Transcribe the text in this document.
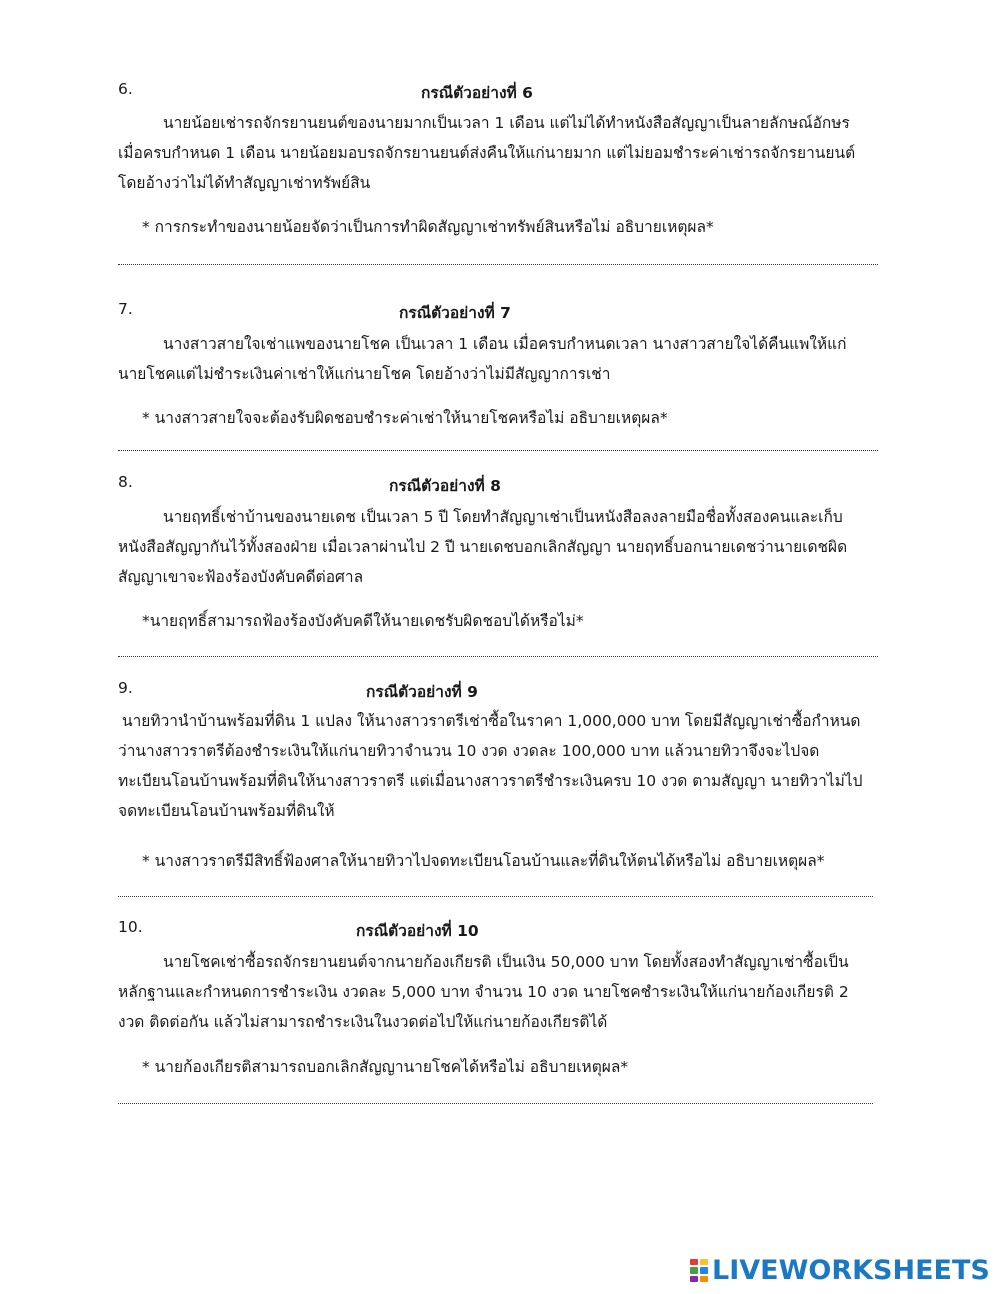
6.	กรณีตัวอย่างที่ 6
นายน้อยเช่ารถจักรยานยนต์ของนายมากเป็นเวลา 1 เดือน แต่ไม่ได้ทำหนังสือสัญญาเป็นลายลักษณ์อักษร
เมื่อครบกำหนด 1 เดือน นายน้อยมอบรถจักรยานยนต์ส่งคืนให้แก่นายมาก แต่ไม่ยอมชำระค่าเช่ารถจักรยานยนต์
โดยอ้างว่าไม่ได้ทำสัญญาเช่าทรัพย์สิน
* การกระทำของนายน้อยจัดว่าเป็นการทำผิดสัญญาเช่าทรัพย์สินหรือไม่ อธิบายเหตุผล*
7.	กรณีตัวอย่างที่ 7
นางสาวสายใจเช่าแพของนายโชค เป็นเวลา 1 เดือน เมื่อครบกำหนดเวลา นางสาวสายใจได้คืนแพให้แก่
นายโชคแต่ไม่ชำระเงินค่าเช่าให้แก่นายโชค โดยอ้างว่าไม่มีสัญญาการเช่า
* นางสาวสายใจจะต้องรับผิดชอบชำระค่าเช่าให้นายโชคหรือไม่ อธิบายเหตุผล*
8.	กรณีตัวอย่างที่ 8
นายฤทธิ์เช่าบ้านของนายเดช เป็นเวลา 5 ปี โดยทำสัญญาเช่าเป็นหนังสือลงลายมือชื่อทั้งสองคนและเก็บ
หนังสือสัญญากันไว้ทั้งสองฝ่าย เมื่อเวลาผ่านไป 2 ปี นายเดชบอกเลิกสัญญา นายฤทธิ์บอกนายเดชว่านายเดชผิด
สัญญาเขาจะฟ้องร้องบังคับคดีต่อศาล
*นายฤทธิ์สามารถฟ้องร้องบังคับคดีให้นายเดชรับผิดชอบได้หรือไม่*
9.	กรณีตัวอย่างที่ 9
นายทิวานำบ้านพร้อมที่ดิน 1 แปลง ให้นางสาวราตรีเช่าซื้อในราคา 1,000,000 บาท โดยมีสัญญาเช่าซื้อกำหนด
ว่านางสาวราตรีต้องชำระเงินให้แก่นายทิวาจำนวน 10 งวด งวดละ 100,000 บาท แล้วนายทิวาจึงจะไปจด
ทะเบียนโอนบ้านพร้อมที่ดินให้นางสาวราตรี แต่เมื่อนางสาวราตรีชำระเงินครบ 10 งวด ตามสัญญา นายทิวาไม่ไป
จดทะเบียนโอนบ้านพร้อมที่ดินให้
* นางสาวราตรีมีสิทธิ์ฟ้องศาลให้นายทิวาไปจดทะเบียนโอนบ้านและที่ดินให้ตนได้หรือไม่ อธิบายเหตุผล*
10.	กรณีตัวอย่างที่ 10
นายโชคเช่าซื้อรถจักรยานยนต์จากนายก้องเกียรติ เป็นเงิน 50,000 บาท โดยทั้งสองทำสัญญาเช่าซื้อเป็น
หลักฐานและกำหนดการชำระเงิน งวดละ 5,000 บาท จำนวน 10 งวด นายโชคชำระเงินให้แก่นายก้องเกียรติ 2
งวด ติดต่อกัน แล้วไม่สามารถชำระเงินในงวดต่อไปให้แก่นายก้องเกียรติได้
* นายก้องเกียรติสามารถบอกเลิกสัญญานายโชคได้หรือไม่ อธิบายเหตุผล*
LIVEWORKSHEETS
